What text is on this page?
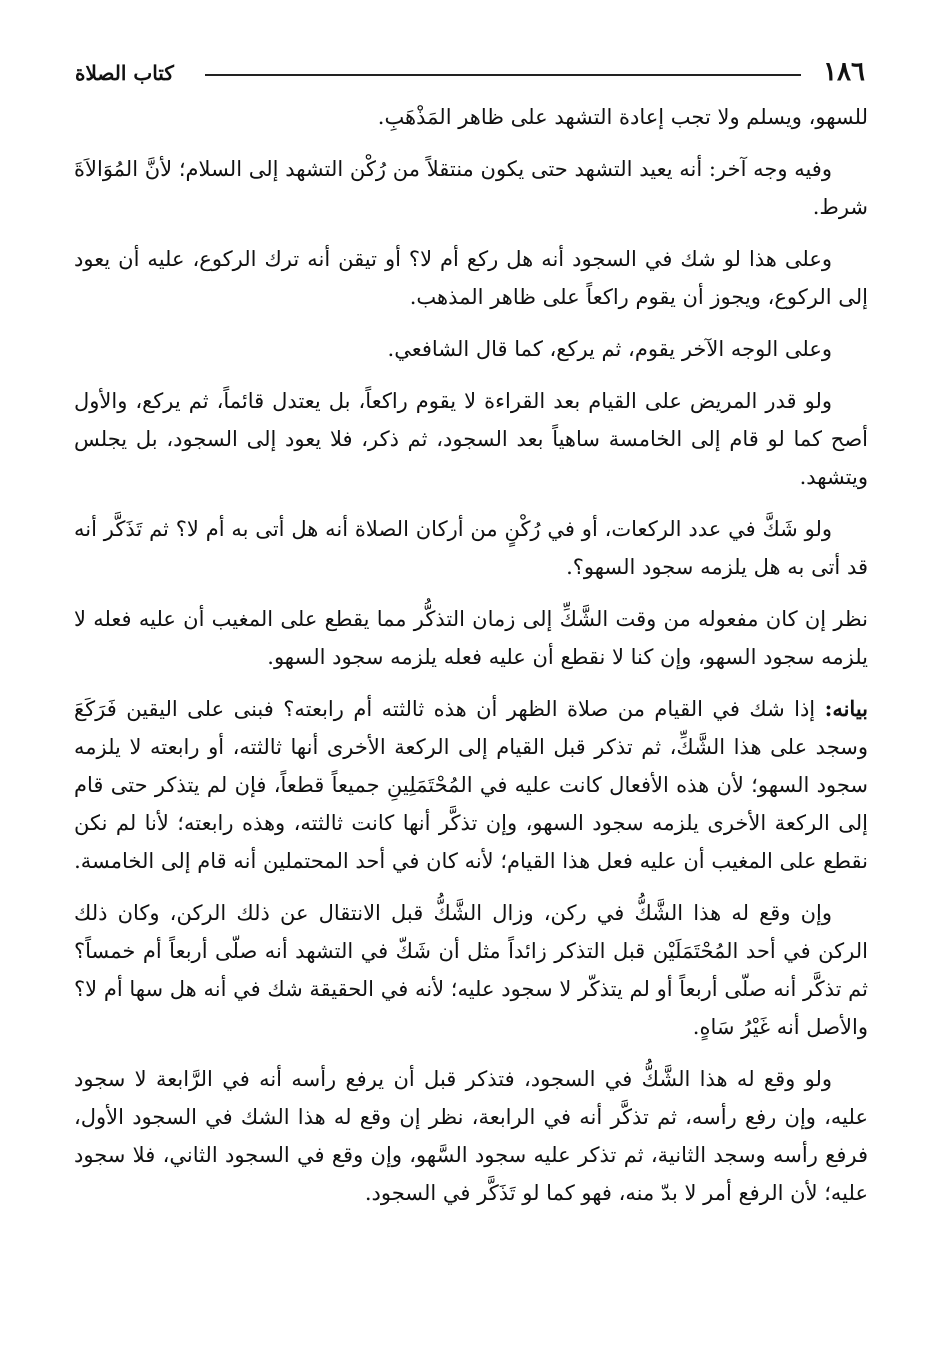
١٨٦
كتاب الصلاة

للسهو، ويسلم ولا تجب إعادة التشهد على ظاهر المَذْهَبِ.

وفيه وجه آخر: أنه يعيد التشهد حتى يكون منتقلاً من رُكْن التشهد إلى السلام؛ لأنَّ المُوَالاَةَ شرط.

وعلى هذا لو شك في السجود أنه هل ركع أم لا؟ أو تيقن أنه ترك الركوع، عليه أن يعود إلى الركوع، ويجوز أن يقوم راكعاً على ظاهر المذهب.

وعلى الوجه الآخر يقوم، ثم يركع، كما قال الشافعي.

ولو قدر المريض على القيام بعد القراءة لا يقوم راكعاً، بل يعتدل قائماً، ثم يركع، والأول أصح كما لو قام إلى الخامسة ساهياً بعد السجود، ثم ذكر، فلا يعود إلى السجود، بل يجلس ويتشهد.

ولو شَكَّ في عدد الركعات، أو في رُكْنٍ من أركان الصلاة أنه هل أتى به أم لا؟ ثم تَذَكَّر أنه قد أتى به هل يلزمه سجود السهو؟.

نظر إن كان مفعوله من وقت الشَّكِّ إلى زمان التذكُّر مما يقطع على المغيب أن عليه فعله لا يلزمه سجود السهو، وإن كنا لا نقطع أن عليه فعله يلزمه سجود السهو.

بيانه: إذا شك في القيام من صلاة الظهر أن هذه ثالثته أم رابعته؟ فبنى على اليقين فَرَكَعَ وسجد على هذا الشَّكِّ، ثم تذكر قبل القيام إلى الركعة الأخرى أنها ثالثته، أو رابعته لا يلزمه سجود السهو؛ لأن هذه الأفعال كانت عليه في المُحْتَمَلِينِ جميعاً قطعاً، فإن لم يتذكر حتى قام إلى الركعة الأخرى يلزمه سجود السهو، وإن تذكَّر أنها كانت ثالثته، وهذه رابعته؛ لأنا لم نكن نقطع على المغيب أن عليه فعل هذا القيام؛ لأنه كان في أحد المحتملين أنه قام إلى الخامسة.

وإن وقع له هذا الشَّكُّ في ركن، وزال الشَّكُّ قبل الانتقال عن ذلك الركن، وكان ذلك الركن في أحد المُحْتَمَلَيْن قبل التذكر زائداً مثل أن شَكّ في التشهد أنه صلّى أربعاً أم خمساً؟ ثم تذكَّر أنه صلّى أربعاً أو لم يتذكّر لا سجود عليه؛ لأنه في الحقيقة شك في أنه هل سها أم لا؟ والأصل أنه غَيْرُ سَاهٍ.

ولو وقع له هذا الشَّكُّ في السجود، فتذكر قبل أن يرفع رأسه أنه في الرَّابعة لا سجود عليه، وإن رفع رأسه، ثم تذكَّر أنه في الرابعة، نظر إن وقع له هذا الشك في السجود الأول، فرفع رأسه وسجد الثانية، ثم تذكر عليه سجود السَّهو، وإن وقع في السجود الثاني، فلا سجود عليه؛ لأن الرفع أمر لا بدّ منه، فهو كما لو تَذَكَّر في السجود.
